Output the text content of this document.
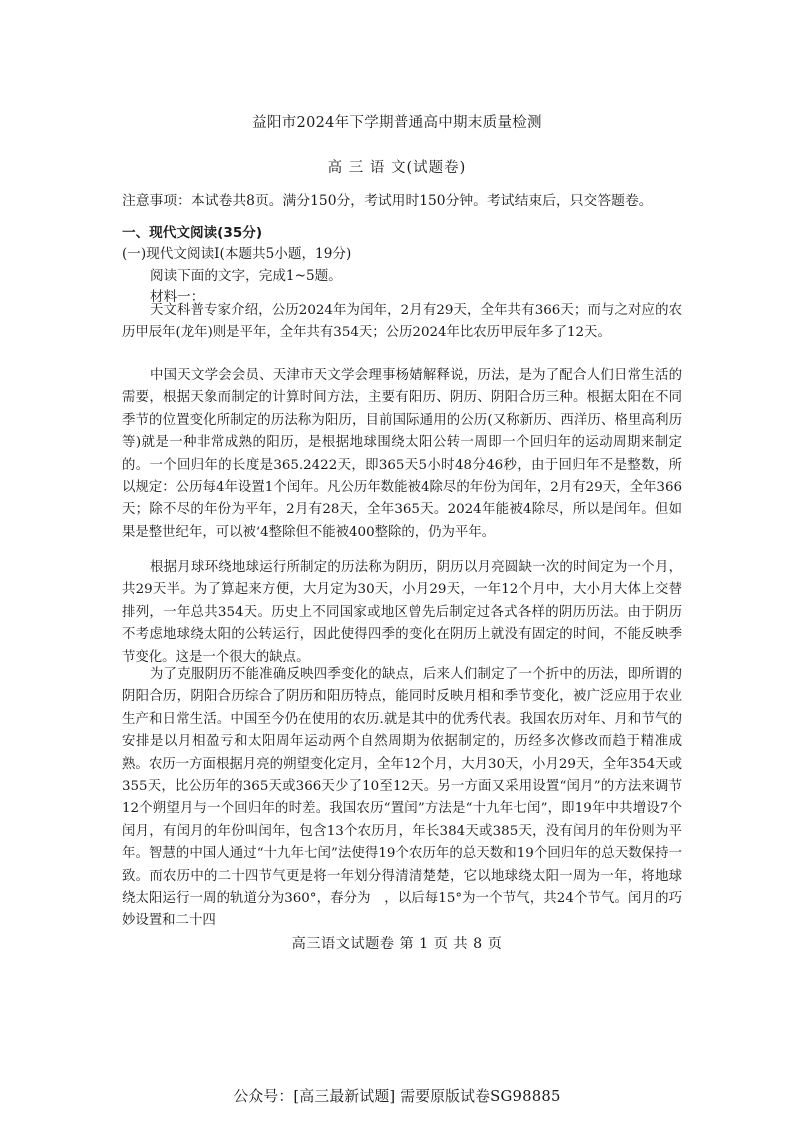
益阳市2024年下学期普通高中期末质量检测
高 三 语 文(试题卷)
注意事项：本试卷共8页。满分150分，考试用时150分钟。考试结束后，只交答题卷。
一、现代文阅读(35分)
(一)现代文阅读Ⅰ(本题共5小题，19分)
阅读下面的文字，完成1~5题。
材料一：
天文科普专家介绍，公历2024年为闰年，2月有29天，全年共有366天；而与之对应的农历甲辰年(龙年)则是平年，全年共有354天；公历2024年比农历甲辰年多了12天。
中国天文学会会员、天津市天文学会理事杨婧解释说，历法，是为了配合人们日常生活的需要，根据天象而制定的计算时间方法，主要有阳历、阴历、阴阳合历三种。根据太阳在不同季节的位置变化所制定的历法称为阳历，目前国际通用的公历(又称新历、西洋历、格里高利历等)就是一种非常成熟的阳历，是根据地球围绕太阳公转一周即一个回归年的运动周期来制定的。一个回归年的长度是365.2422天，即365天5小时48分46秒，由于回归年不是整数，所以规定：公历每4年设置1个闰年。凡公历年数能被4除尽的年份为闰年，2月有29天，全年366天；除不尽的年份为平年，2月有28天，全年365天。2024年能被4除尽，所以是闰年。但如果是整世纪年，可以被‘4整除但不能被400整除的，仍为平年。
根据月球环绕地球运行所制定的历法称为阴历，阴历以月亮圆缺一次的时间定为一个月，共29天半。为了算起来方便，大月定为30天，小月29天，一年12个月中，大小月大体上交替排列，一年总共354天。历史上不同国家或地区曾先后制定过各式各样的阴历历法。由于阴历不考虑地球绕太阳的公转运行，因此使得四季的变化在阴历上就没有固定的时间，不能反映季节变化。这是一个很大的缺点。
为了克服阴历不能准确反映四季变化的缺点，后来人们制定了一个折中的历法，即所谓的阴阳合历，阴阳合历综合了阴历和阳历特点，能同时反映月相和季节变化，被广泛应用于农业生产和日常生活。中国至今仍在使用的农历.就是其中的优秀代表。我国农历对年、月和节气的安排是以月相盈亏和太阳周年运动两个自然周期为依据制定的，历经多次修改而趋于精准成熟。农历一方面根据月亮的朔望变化定月，全年12个月，大月30天，小月29天，全年354天或355天，比公历年的365天或366天少了10至12天。另一方面又采用设置“闰月”的方法来调节12个朔望月与一个回归年的时差。我国农历“置闰”方法是“十九年七闰”，即19年中共增设7个闰月，有闰月的年份叫闰年，包含13个农历月，年长384天或385天，没有闰月的年份则为平年。智慧的中国人通过“十九年七闰”法使得19个农历年的总天数和19个回归年的总天数保持一致。而农历中的二十四节气更是将一年划分得清清楚楚，它以地球绕太阳一周为一年，将地球绕太阳运行一周的轨道分为360°，春分为　，以后每15°为一个节气，共24个节气。闰月的巧妙设置和二十四
高三语文试题卷 第 1 页 共 8 页
公众号：[高三最新试题] 需要原版试卷SG98885
